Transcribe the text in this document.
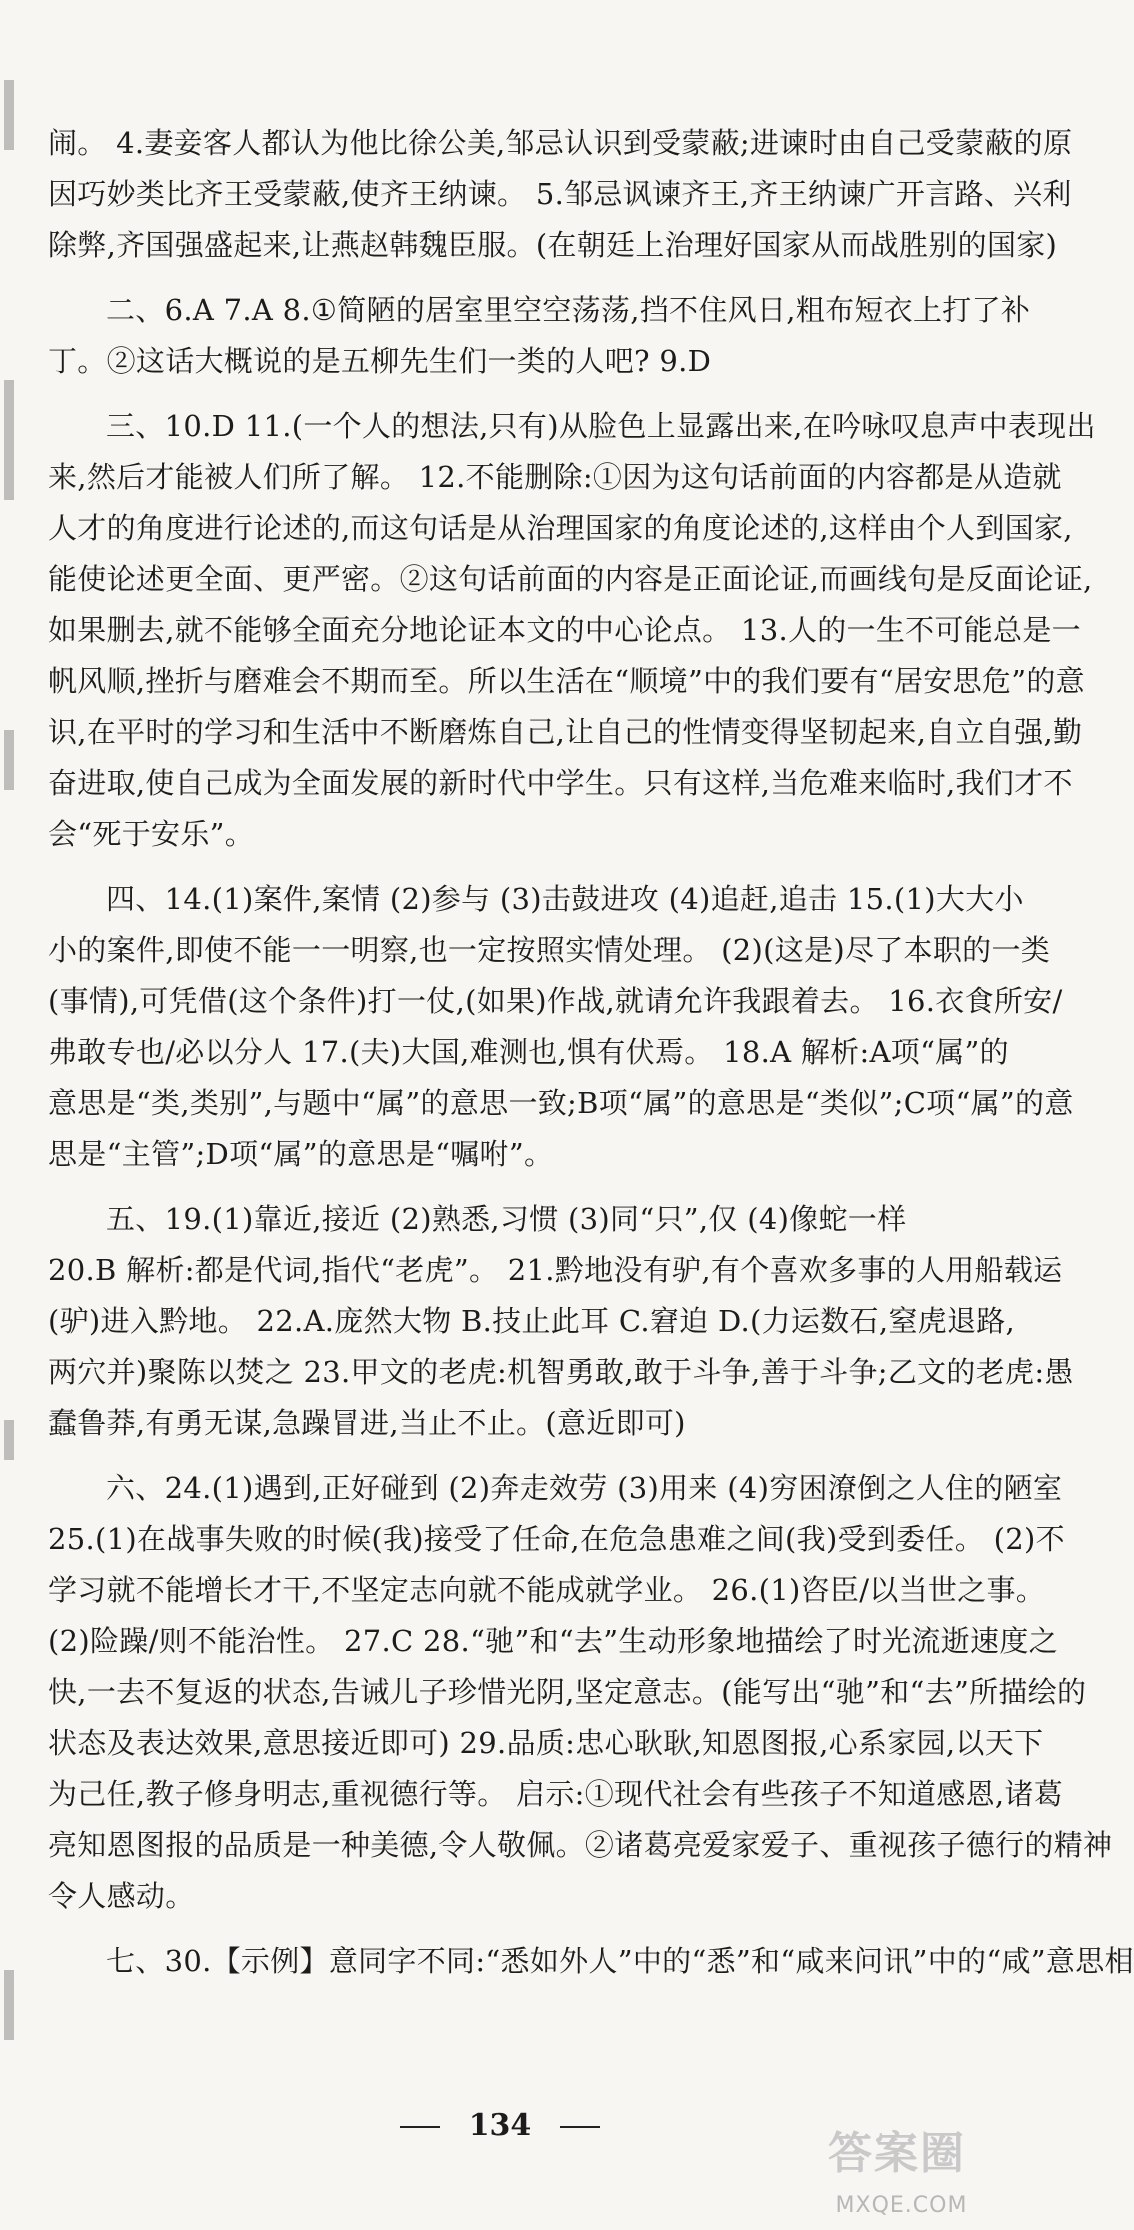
闹。 4.妻妾客人都认为他比徐公美,邹忌认识到受蒙蔽;进谏时由自己受蒙蔽的原
因巧妙类比齐王受蒙蔽,使齐王纳谏。 5.邹忌讽谏齐王,齐王纳谏广开言路、兴利
除弊,齐国强盛起来,让燕赵韩魏臣服。(在朝廷上治理好国家从而战胜别的国家)
二、6.A 7.A 8.①简陋的居室里空空荡荡,挡不住风日,粗布短衣上打了补
丁。②这话大概说的是五柳先生们一类的人吧? 9.D
三、10.D 11.(一个人的想法,只有)从脸色上显露出来,在吟咏叹息声中表现出
来,然后才能被人们所了解。 12.不能删除:①因为这句话前面的内容都是从造就
人才的角度进行论述的,而这句话是从治理国家的角度论述的,这样由个人到国家,
能使论述更全面、更严密。②这句话前面的内容是正面论证,而画线句是反面论证,
如果删去,就不能够全面充分地论证本文的中心论点。 13.人的一生不可能总是一
帆风顺,挫折与磨难会不期而至。所以生活在“顺境”中的我们要有“居安思危”的意
识,在平时的学习和生活中不断磨炼自己,让自己的性情变得坚韧起来,自立自强,勤
奋进取,使自己成为全面发展的新时代中学生。只有这样,当危难来临时,我们才不
会“死于安乐”。
四、14.(1)案件,案情 (2)参与 (3)击鼓进攻 (4)追赶,追击 15.(1)大大小
小的案件,即使不能一一明察,也一定按照实情处理。 (2)(这是)尽了本职的一类
(事情),可凭借(这个条件)打一仗,(如果)作战,就请允许我跟着去。 16.衣食所安/
弗敢专也/必以分人 17.(夫)大国,难测也,惧有伏焉。 18.A 解析:A项“属”的
意思是“类,类别”,与题中“属”的意思一致;B项“属”的意思是“类似”;C项“属”的意
思是“主管”;D项“属”的意思是“嘱咐”。
五、19.(1)靠近,接近 (2)熟悉,习惯 (3)同“只”,仅 (4)像蛇一样
20.B 解析:都是代词,指代“老虎”。 21.黔地没有驴,有个喜欢多事的人用船载运
(驴)进入黔地。 22.A.庞然大物 B.技止此耳 C.窘迫 D.(力运数石,窒虎退路,
两穴并)聚陈以焚之 23.甲文的老虎:机智勇敢,敢于斗争,善于斗争;乙文的老虎:愚
蠢鲁莽,有勇无谋,急躁冒进,当止不止。(意近即可)
六、24.(1)遇到,正好碰到 (2)奔走效劳 (3)用来 (4)穷困潦倒之人住的陋室
25.(1)在战事失败的时候(我)接受了任命,在危急患难之间(我)受到委任。 (2)不
学习就不能增长才干,不坚定志向就不能成就学业。 26.(1)咨臣/以当世之事。
(2)险躁/则不能治性。 27.C 28.“驰”和“去”生动形象地描绘了时光流逝速度之
快,一去不复返的状态,告诫儿子珍惜光阴,坚定意志。(能写出“驰”和“去”所描绘的
状态及表达效果,意思接近即可) 29.品质:忠心耿耿,知恩图报,心系家园,以天下
为己任,教子修身明志,重视德行等。 启示:①现代社会有些孩子不知道感恩,诸葛
亮知恩图报的品质是一种美德,令人敬佩。②诸葛亮爱家爱子、重视孩子德行的精神
令人感动。
七、30.【示例】意同字不同:“悉如外人”中的“悉”和“咸来问讯”中的“咸”意思相
134
答案圈
MXQE.COM
